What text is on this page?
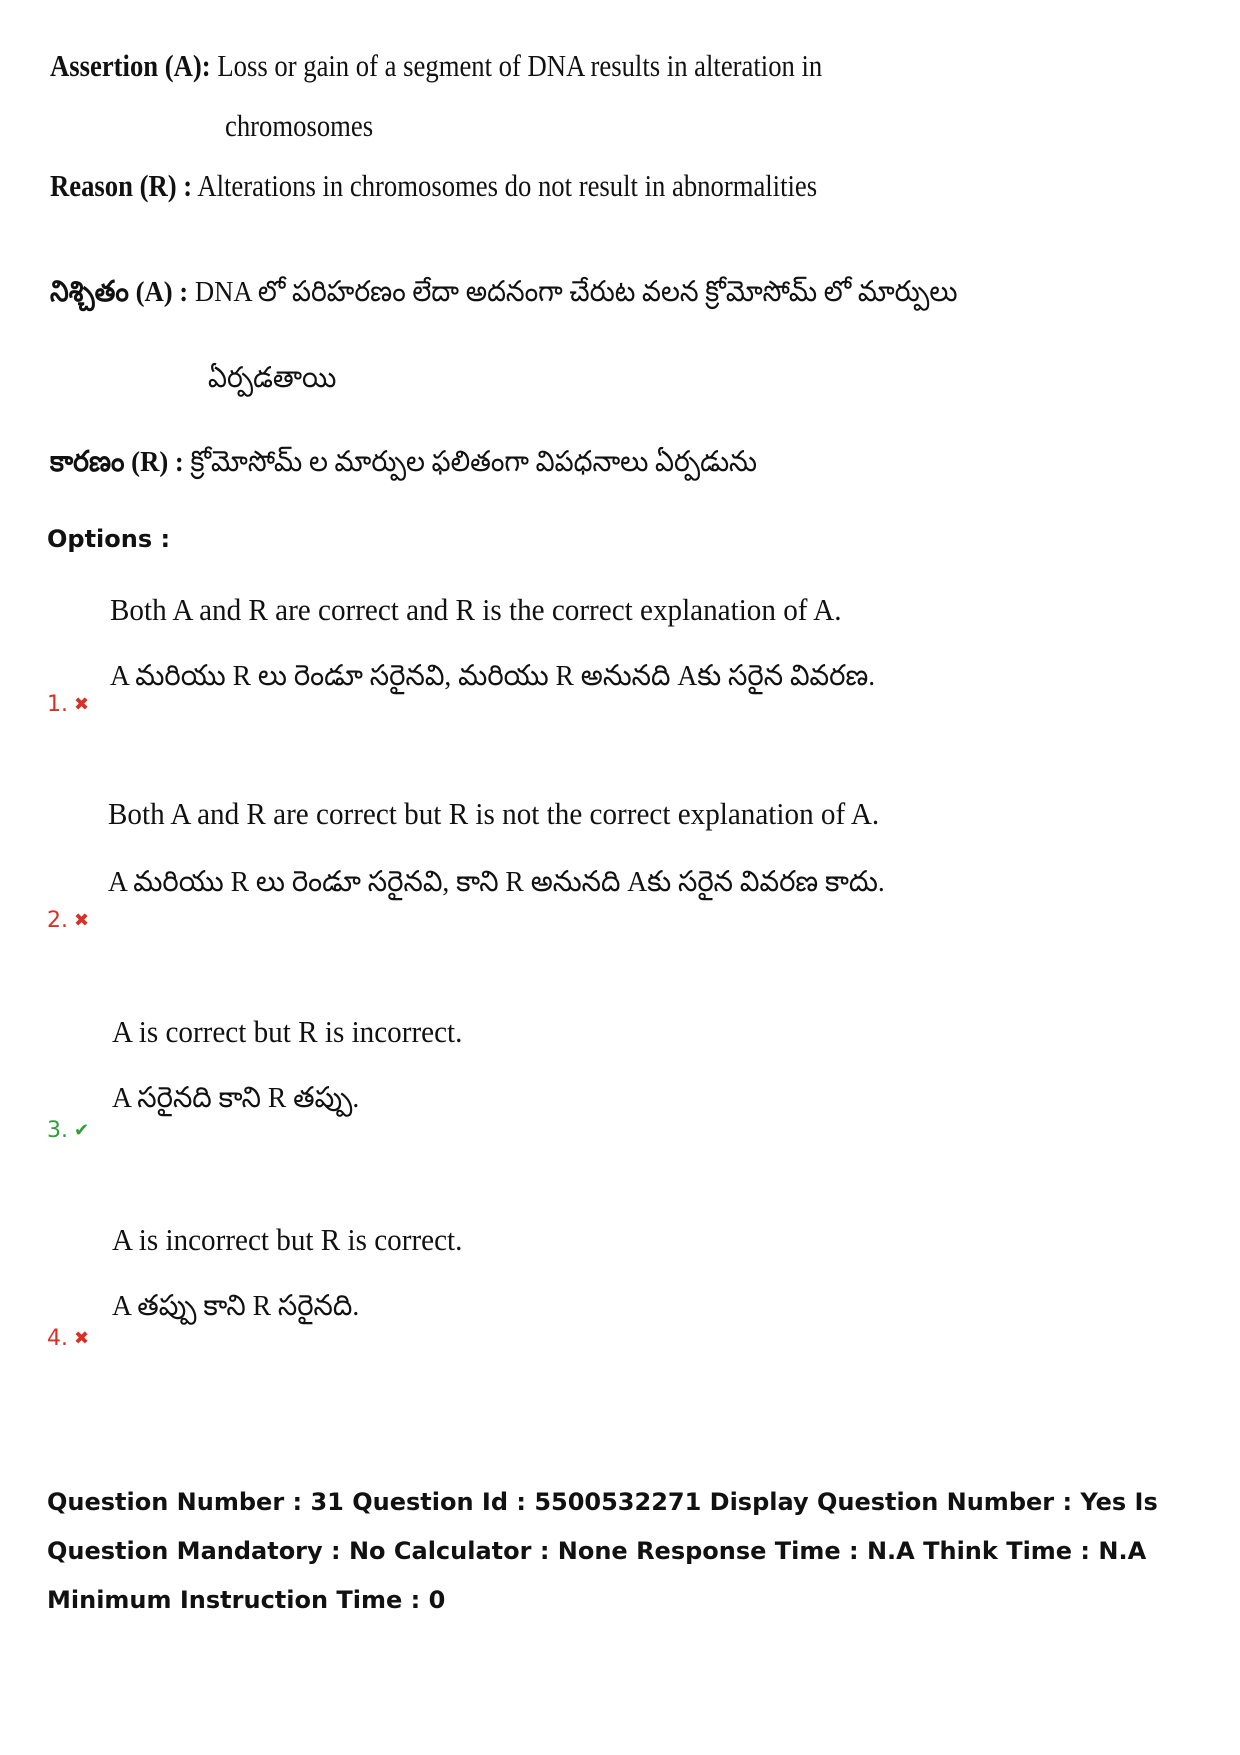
Assertion (A): Loss or gain of a segment of DNA results in alteration in
chromosomes
Reason (R) : Alterations in chromosomes do not result in abnormalities
నిశ్చితం (A) : DNA లో పరిహరణం లేదా అదనంగా చేరుట వలన క్రోమోసోమ్ లో మార్పులు
ఏర్పడతాయి
కారణం (R) : క్రోమోసోమ్ ల మార్పుల ఫలితంగా విపధనాలు ఏర్పడును
Options :
Both A and R are correct and R is the correct explanation of A.
A మరియు R లు రెండూ సరైనవి, మరియు R అనునది Aకు సరైన వివరణ.
1. ✖
Both A and R are correct but R is not the correct explanation of A.
A మరియు R లు రెండూ సరైనవి, కాని R అనునది Aకు సరైన వివరణ కాదు.
2. ✖
A is correct but R is incorrect.
A సరైనది కాని R తప్పు.
3. ✔
A is incorrect but R is correct.
A తప్పు కాని R సరైనది.
4. ✖
Question Number : 31 Question Id : 5500532271 Display Question Number : Yes Is Question Mandatory : No Calculator : None Response Time : N.A Think Time : N.A Minimum Instruction Time : 0
